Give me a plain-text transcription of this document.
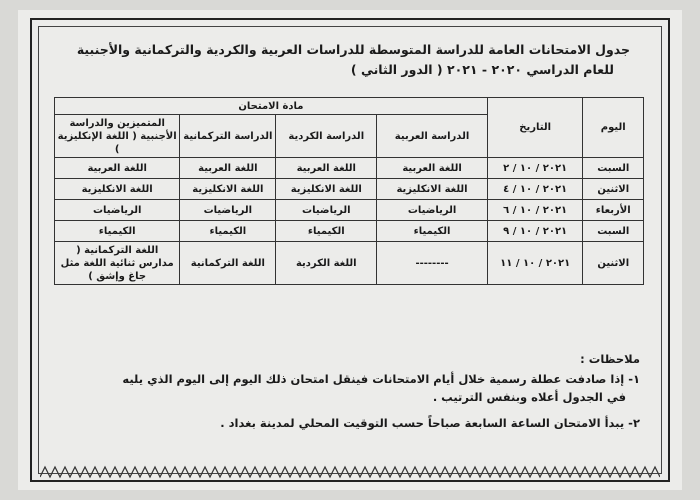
جدول الامتحانات العامة للدراسة المتوسطة للدراسات العربية والكردية والتركمانية والأجنبية
للعام الدراسي ٢٠٢٠ - ٢٠٢١ ( الدور الثاني )
اليوم	التاريخ	مادة الامتحان			
		الدراسة العربية	الدراسة الكردية	الدراسة التركمانية	المتميزين والدراسة الأجنبية ( اللغة الإنكليزية )
السبت	٢٠٢١ / ١٠ / ٢	اللغة العربية	اللغة العربية	اللغة العربية	اللغة العربية
الاثنين	٢٠٢١ / ١٠ / ٤	اللغة الانكليزية	اللغة الانكليزية	اللغة الانكليزية	اللغة الانكليزية
الأربعاء	٢٠٢١ / ١٠ / ٦	الرياضيات	الرياضيات	الرياضيات	الرياضيات
السبت	٢٠٢١ / ١٠ / ٩	الكيمياء	الكيمياء	الكيمياء	الكيمياء
الاثنين	٢٠٢١ / ١٠ / ١١	--------	اللغة الكردية	اللغة التركمانية	اللغة التركمانية ( مدارس ثنائية اللغة مثل جاغ وإشق )
ملاحظات :
١- إذا صادفت عطلة رسمية خلال أيام الامتحانات فينقل امتحان ذلك اليوم إلى اليوم الذي يليه
في الجدول أعلاه وبنفس الترتيب .
٢- يبدأ الامتحان الساعة السابعة صباحاً حسب التوقيت المحلي لمدينة بغداد .
